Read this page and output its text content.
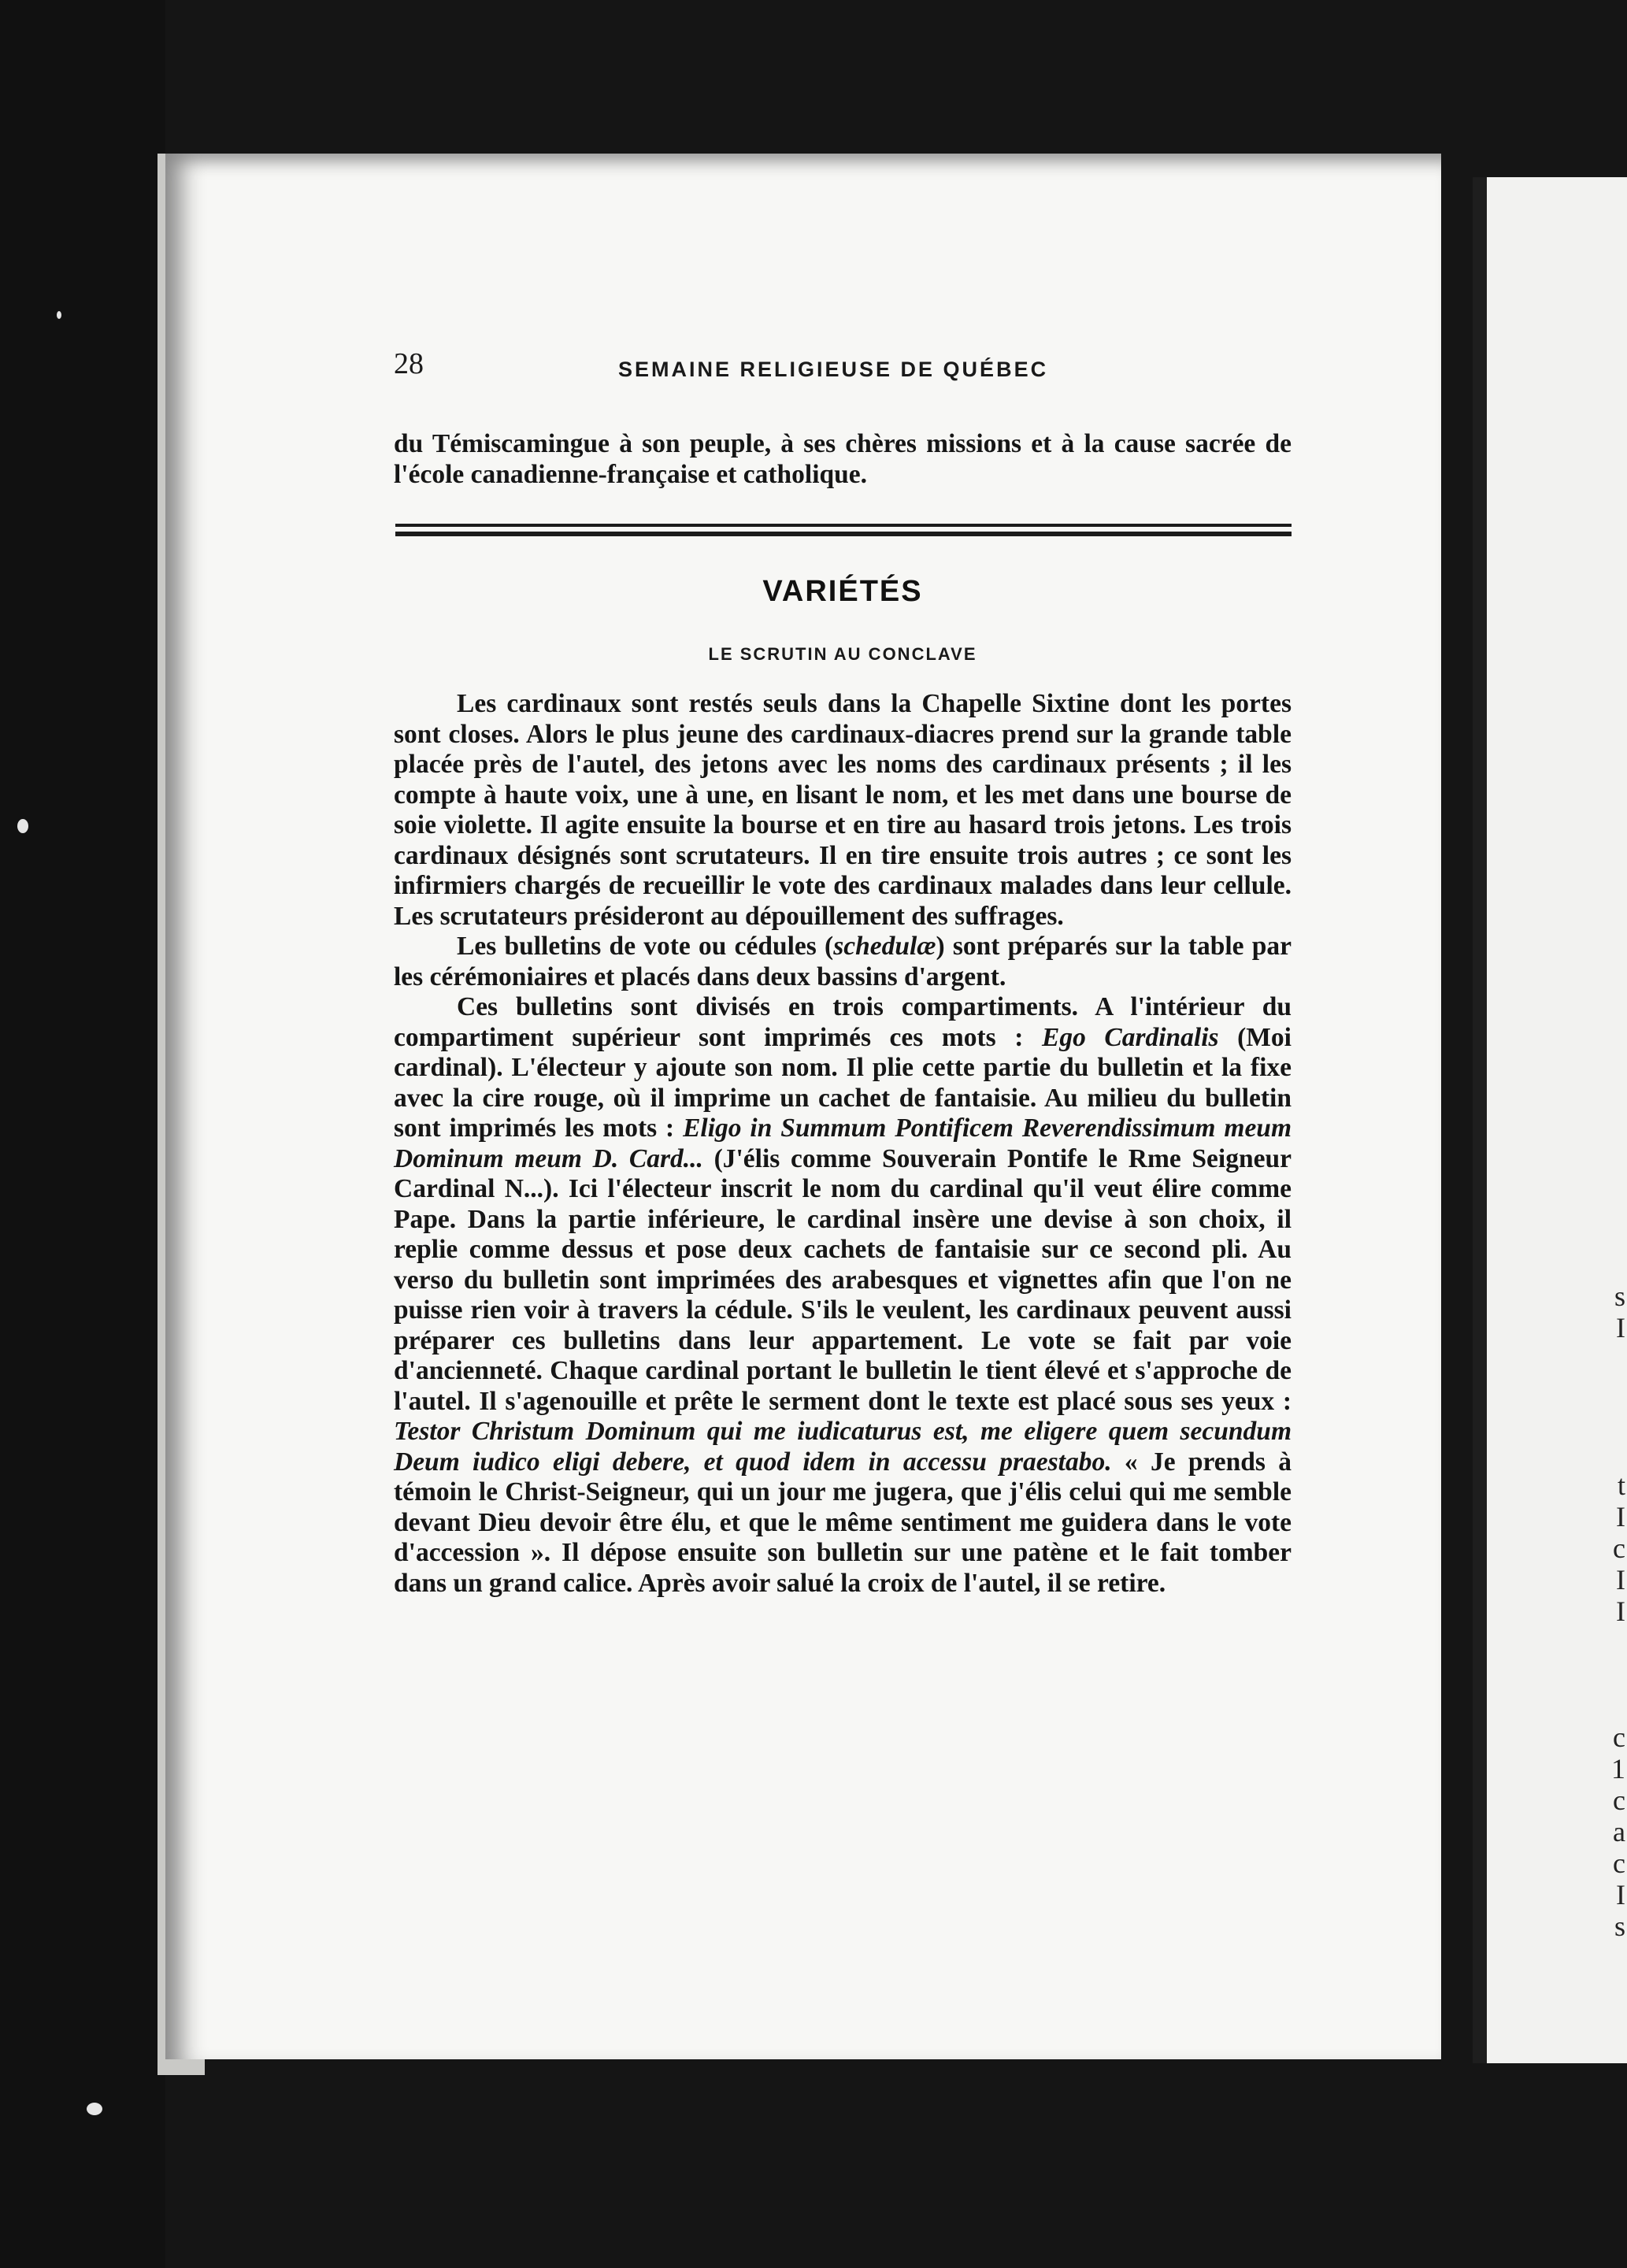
s
I
t
I
c
I
I
c
1
c
a
c
I
s
28	SEMAINE RELIGIEUSE DE QUÉBEC

du Témiscamingue à son peuple, à ses chères missions et à la cause sacrée de l'école canadienne-française et catholique.

VARIÉTÉS
LE SCRUTIN AU CONCLAVE

Les cardinaux sont restés seuls dans la Chapelle Sixtine dont les portes sont closes. Alors le plus jeune des cardinaux-diacres prend sur la grande table placée près de l'autel, des jetons avec les noms des cardinaux présents ; il les compte à haute voix, une à une, en lisant le nom, et les met dans une bourse de soie violette. Il agite ensuite la bourse et en tire au hasard trois jetons. Les trois cardinaux désignés sont scrutateurs. Il en tire ensuite trois autres ; ce sont les infirmiers chargés de recueillir le vote des cardinaux malades dans leur cellule. Les scrutateurs présideront au dépouillement des suffrages.

Les bulletins de vote ou cédules (schedulæ) sont préparés sur la table par les cérémoniaires et placés dans deux bassins d'argent.

Ces bulletins sont divisés en trois compartiments. A l'intérieur du compartiment supérieur sont imprimés ces mots : Ego Cardinalis (Moi cardinal). L'électeur y ajoute son nom. Il plie cette partie du bulletin et la fixe avec la cire rouge, où il imprime un cachet de fantaisie. Au milieu du bulletin sont imprimés les mots : Eligo in Summum Pontificem Reverendissimum meum Dominum meum D. Card... (J'élis comme Souverain Pontife le Rme Seigneur Cardinal N...). Ici l'électeur inscrit le nom du cardinal qu'il veut élire comme Pape. Dans la partie inférieure, le cardinal insère une devise à son choix, il replie comme dessus et pose deux cachets de fantaisie sur ce second pli. Au verso du bulletin sont imprimées des arabesques et vignettes afin que l'on ne puisse rien voir à travers la cédule. S'ils le veulent, les cardinaux peuvent aussi préparer ces bulletins dans leur appartement. Le vote se fait par voie d'ancienneté. Chaque cardinal portant le bulletin le tient élevé et s'approche de l'autel. Il s'agenouille et prête le serment dont le texte est placé sous ses yeux : Testor Christum Dominum qui me iudicaturus est, me eligere quem secundum Deum iudico eligi debere, et quod idem in accessu praestabo. « Je prends à témoin le Christ-Seigneur, qui un jour me jugera, que j'élis celui qui me semble devant Dieu devoir être élu, et que le même sentiment me guidera dans le vote d'accession ». Il dépose ensuite son bulletin sur une patène et le fait tomber dans un grand calice. Après avoir salué la croix de l'autel, il se retire.
